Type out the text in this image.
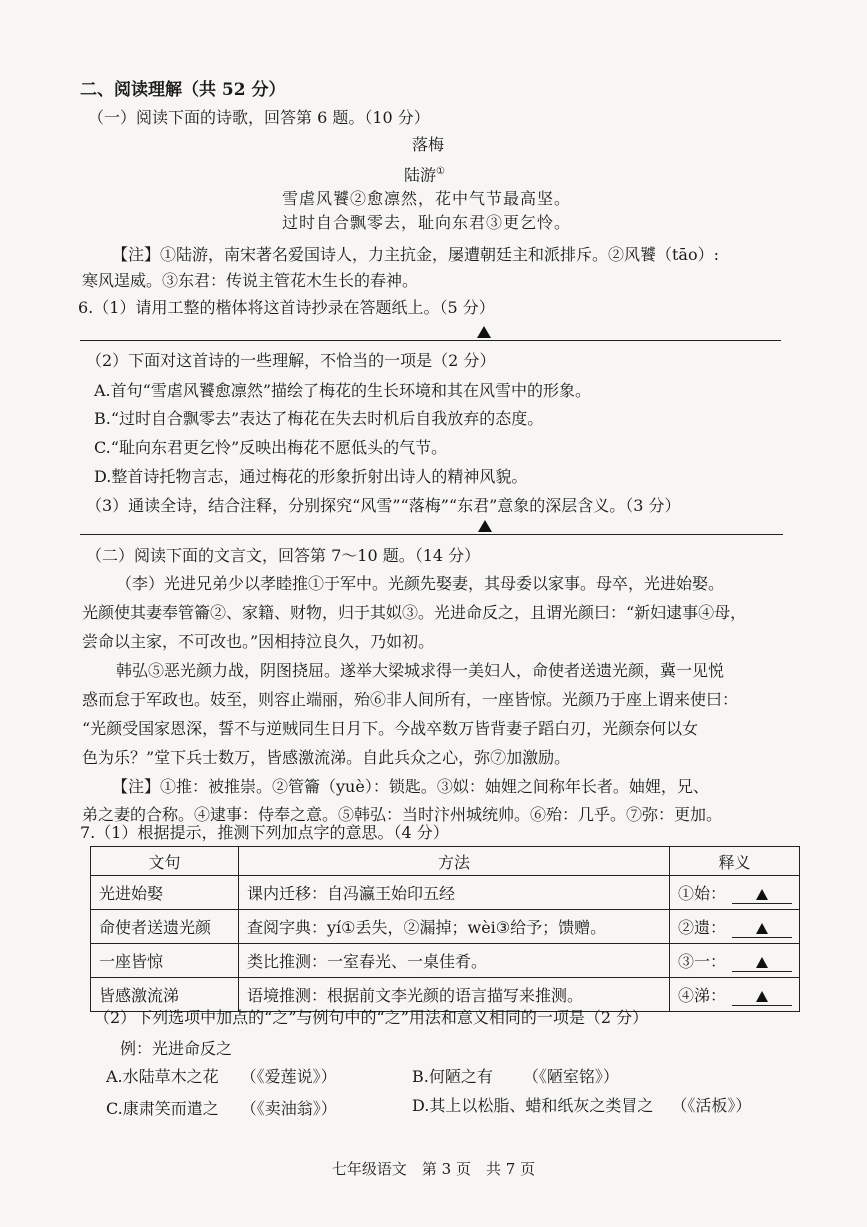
二、阅读理解（共 52 分）
（一）阅读下面的诗歌，回答第 6 题。（10 分）
落梅
陆游①
雪虐风饕②愈凛然，花中气节最高坚。
过时自合飘零去，耻向东君③更乞怜。
【注】①陆游，南宋著名爱国诗人，力主抗金，屡遭朝廷主和派排斥。②风饕（tāo）:
寒风逞威。③东君：传说主管花木生长的春神。
6.（1）请用工整的楷体将这首诗抄录在答题纸上。（5 分）
（2）下面对这首诗的一些理解，不恰当的一项是（2 分）
A.首句“雪虐风饕愈凛然”描绘了梅花的生长环境和其在风雪中的形象。
B.“过时自合飘零去”表达了梅花在失去时机后自我放弃的态度。
C.“耻向东君更乞怜”反映出梅花不愿低头的气节。
D.整首诗托物言志，通过梅花的形象折射出诗人的精神风貌。
（3）通读全诗，结合注释，分别探究“风雪”“落梅”“东君”意象的深层含义。（3 分）
（二）阅读下面的文言文，回答第 7～10 题。（14 分）
（李）光进兄弟少以孝睦推①于军中。光颜先娶妻，其母委以家事。母卒，光进始娶。
光颜使其妻奉管籥②、家籍、财物，归于其姒③。光进命反之，且谓光颜曰：“新妇逮事④母，
尝命以主家，不可改也。”因相持泣良久，乃如初。
韩弘⑤恶光颜力战，阴图挠屈。遂举大梁城求得一美妇人，命使者送遗光颜，冀一见悦
惑而怠于军政也。妓至，则容止端丽，殆⑥非人间所有，一座皆惊。光颜乃于座上谓来使曰：
“光颜受国家恩深，誓不与逆贼同生日月下。今战卒数万皆背妻子蹈白刃，光颜奈何以女
色为乐？”堂下兵士数万，皆感激流涕。自此兵众之心，弥⑦加激励。
【注】①推：被推崇。②管籥（yuè）：锁匙。③姒：妯娌之间称年长者。妯娌，兄、
弟之妻的合称。④逮事：侍奉之意。⑤韩弘：当时汴州城统帅。⑥殆：几乎。⑦弥：更加。
7.（1）根据提示，推测下列加点字的意思。（4 分）
文句	方法	释义
光进始娶	课内迁移：自冯瀛王始印五经	①始：

命使者送遗光颜	查阅字典：yí①丢失，②漏掉；wèi③给予；馈赠。	②遗：

一座皆惊	类比推测：一室春光、一桌佳肴。	③一：

皆感激流涕	语境推测：根据前文李光颜的语言描写来推测。	④涕：
（2）下列选项中加点的“之”与例句中的“之”用法和意义相同的一项是（2 分）
例：光进命反之
A.水陆草木之花 （《爱莲说》）	B.何陋之有 （《陋室铭》）
C.康肃笑而遣之 （《卖油翁》）	D.其上以松脂、蜡和纸灰之类冒之 （《活板》）
七年级语文　第 3 页　共 7 页
